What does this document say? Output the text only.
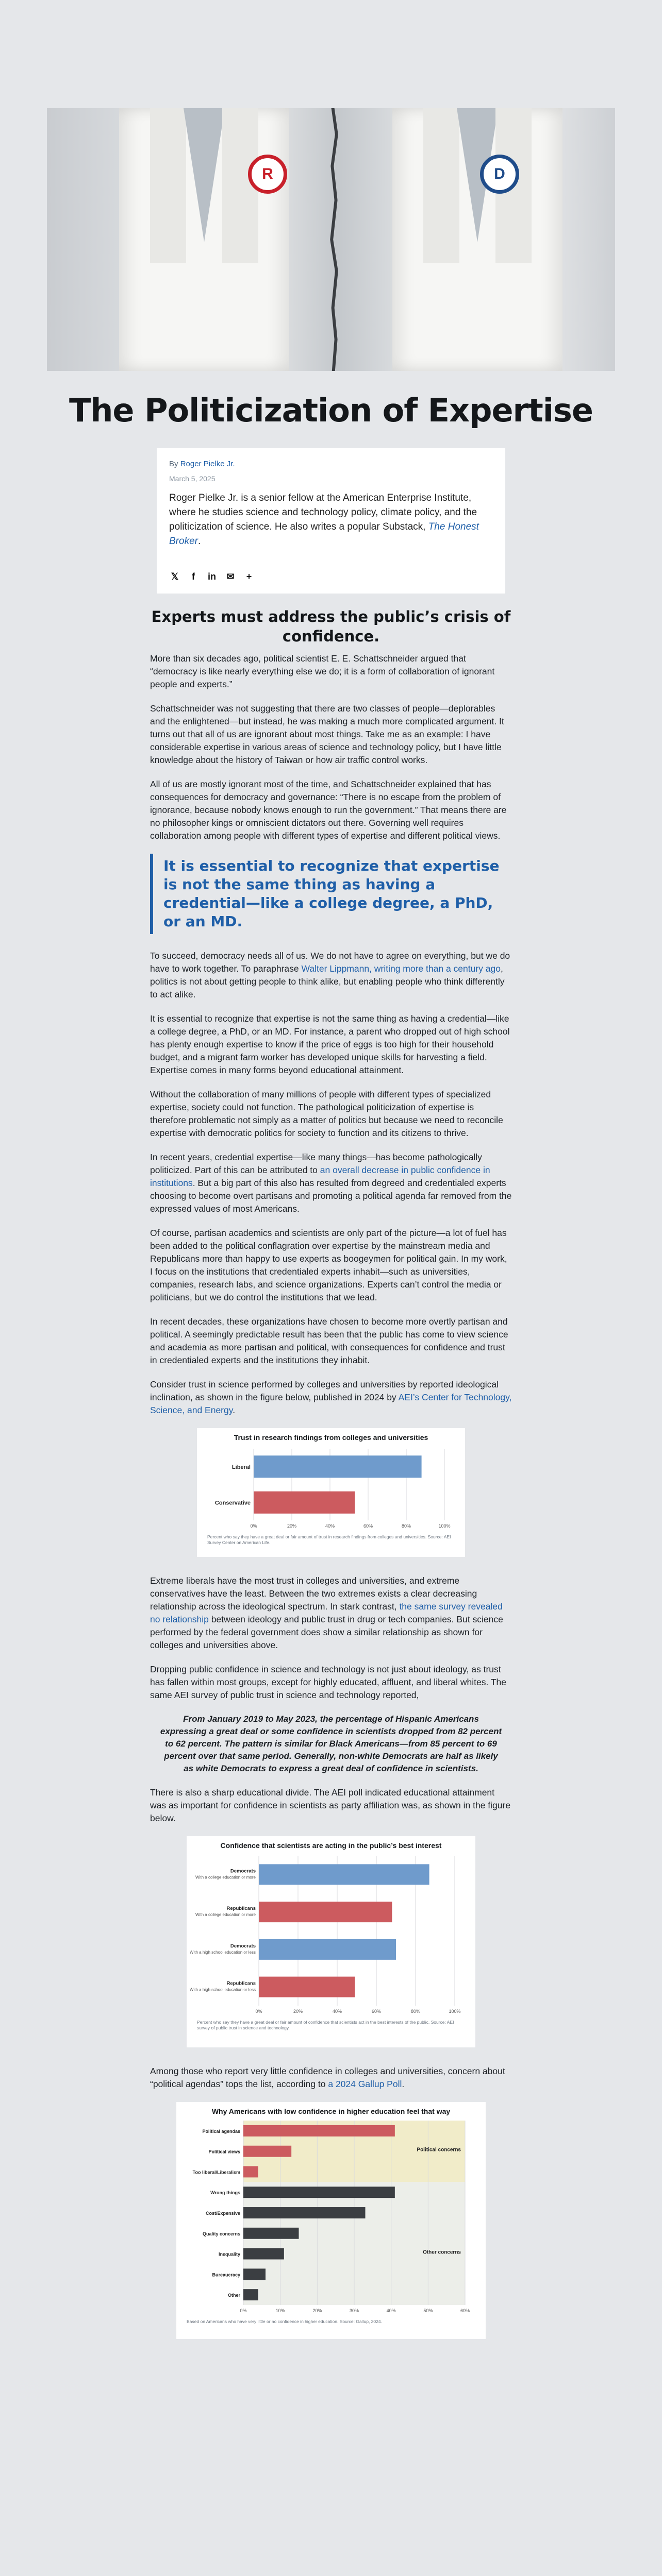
R	D
The Politicization of Expertise
By Roger Pielke Jr.
March 5, 2025
Roger Pielke Jr. is a senior fellow at the American Enterprise Institute, where he studies science and technology policy, climate policy, and the politicization of science. He also writes a popular Substack, The Honest Broker.
𝕏	f	in ✉	+
Experts must address the public’s crisis of confidence.

More than six decades ago, political scientist E. E. Schattschneider argued that “democracy is like nearly everything else we do; it is a form of collaboration of ignorant people and experts.”

Schattschneider was not suggesting that there are two classes of people—deplorables and the enlightened—but instead, he was making a much more complicated argument. It turns out that all of us are ignorant about most things. Take me as an example: I have considerable expertise in various areas of science and technology policy, but I have little knowledge about the history of Taiwan or how air traffic control works.

All of us are mostly ignorant most of the time, and Schattschneider explained that has consequences for democracy and governance: “There is no escape from the problem of ignorance, because nobody knows enough to run the government.” That means there are no philosopher kings or omniscient dictators out there. Governing well requires collaboration among people with different types of expertise and different political views.

It is essential to recognize that expertise is not the same thing as having a credential—like a college degree, a PhD, or an MD.

To succeed, democracy needs all of us. We do not have to agree on everything, but we do have to work together. To paraphrase Walter Lippmann, writing more than a century ago, politics is not about getting people to think alike, but enabling people who think differently to act alike.

It is essential to recognize that expertise is not the same thing as having a credential—like a college degree, a PhD, or an MD. For instance, a parent who dropped out of high school has plenty enough expertise to know if the price of eggs is too high for their household budget, and a migrant farm worker has developed unique skills for harvesting a field. Expertise comes in many forms beyond educational attainment.

Without the collaboration of many millions of people with different types of specialized expertise, society could not function. The pathological politicization of expertise is therefore problematic not simply as a matter of politics but because we need to reconcile expertise with democratic politics for society to function and its citizens to thrive.

In recent years, credential expertise—like many things—has become pathologically politicized. Part of this can be attributed to an overall decrease in public confidence in institutions. But a big part of this also has resulted from degreed and credentialed experts choosing to become overt partisans and promoting a political agenda far removed from the expressed values of most Americans.

Of course, partisan academics and scientists are only part of the picture—a lot of fuel has been added to the political conflagration over expertise by the mainstream media and Republicans more than happy to use experts as boogeymen for political gain. In my work, I focus on the institutions that credentialed experts inhabit—such as universities, companies, research labs, and science organizations. Experts can’t control the media or politicians, but we do control the institutions that we lead.

In recent decades, these organizations have chosen to become more overtly partisan and political. A seemingly predictable result has been that the public has come to view science and academia as more partisan and political, with consequences for confidence and trust in credentialed experts and the institutions they inhabit.

Consider trust in science performed by colleges and universities by reported ideological inclination, as shown in the figure below, published in 2024 by AEI’s Center for Technology, Science, and Energy.

Trust in research findings from colleges and universities
0%	20%	40%	60%	80%	100%
Liberal
Conservative
Percent who say they have a great deal or fair amount of trust in research findings from colleges and universities. Source: AEI Survey Center on American Life.

Extreme liberals have the most trust in colleges and universities, and extreme conservatives have the least. Between the two extremes exists a clear decreasing relationship across the ideological spectrum. In stark contrast, the same survey revealed no relationship between ideology and public trust in drug or tech companies. But science performed by the federal government does show a similar relationship as shown for colleges and universities above.

Dropping public confidence in science and technology is not just about ideology, as trust has fallen within most groups, except for highly educated, affluent, and liberal whites. The same AEI survey of public trust in science and technology reported,

From January 2019 to May 2023, the percentage of Hispanic Americans expressing a great deal or some confidence in scientists dropped from 82 percent to 62 percent. The pattern is similar for Black Americans—from 85 percent to 69 percent over that same period. Generally, non-white Democrats are half as likely as white Democrats to express a great deal of confidence in scientists.

There is also a sharp educational divide. The AEI poll indicated educational attainment was as important for confidence in scientists as party affiliation was, as shown in the figure below.

Confidence that scientists are acting in the public’s best interest
0%	20%	40%	60%	80%	100%
Democrats
With a college education or more
Republicans
With a college education or more
Democrats
With a high school education or less
Republicans
With a high school education or less
Percent who say they have a great deal or fair amount of confidence that scientists act in the best interests of the public. Source: AEI survey of public trust in science and technology.

Among those who report very little confidence in colleges and universities, concern about “political agendas” tops the list, according to a 2024 Gallup Poll.

Why Americans with low confidence in higher education feel that way
0%	10%	20%	30%	40%	50%	60%
Political agendas
Political views
Too liberal/Liberalism
Wrong things
Cost/Expensive
Quality concerns
Inequality
Bureaucracy
Other
Political concerns
Other concerns
Based on Americans who have very little or no confidence in higher education. Source: Gallup, 2024.
